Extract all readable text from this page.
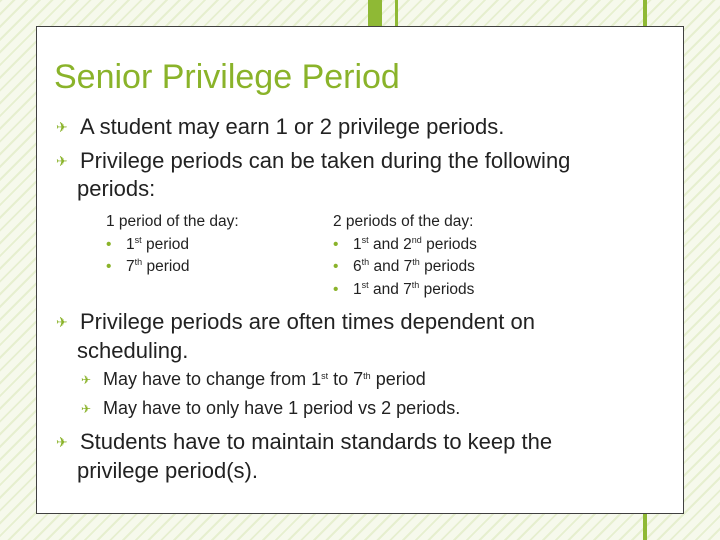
Senior Privilege Period
✈ A student may earn 1 or 2 privilege periods.
✈ Privilege periods can be taken during the following
periods:
1 period of the day:
• 1st period
• 7th period
2 periods of the day:
• 1st and 2nd periods
• 6th and 7th periods
• 1st and 7th periods
✈ Privilege periods are often times dependent on
scheduling.
✈ May have to change from 1st to 7th period
✈ May have to only have 1 period vs 2 periods.
✈ Students have to maintain standards to keep the
privilege period(s).
